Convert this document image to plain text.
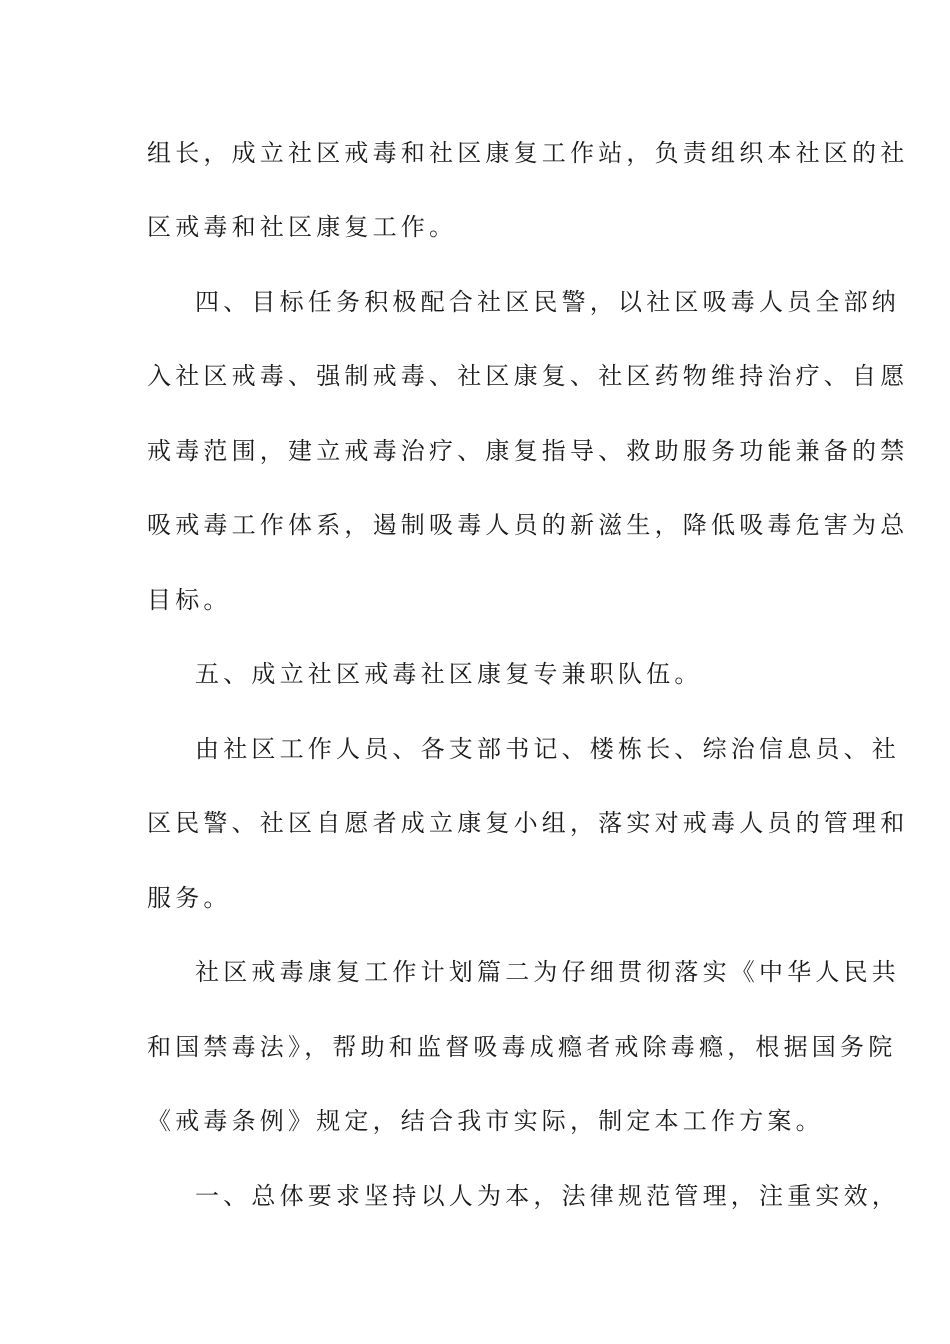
组长，成立社区戒毒和社区康复工作站，负责组织本社区的社
区戒毒和社区康复工作。
四、目标任务积极配合社区民警，以社区吸毒人员全部纳
入社区戒毒、强制戒毒、社区康复、社区药物维持治疗、自愿
戒毒范围，建立戒毒治疗、康复指导、救助服务功能兼备的禁
吸戒毒工作体系，遏制吸毒人员的新滋生，降低吸毒危害为总
目标。
五、成立社区戒毒社区康复专兼职队伍。
由社区工作人员、各支部书记、楼栋长、综治信息员、社
区民警、社区自愿者成立康复小组，落实对戒毒人员的管理和
服务。
社区戒毒康复工作计划篇二为仔细贯彻落实《中华人民共
和国禁毒法》，帮助和监督吸毒成瘾者戒除毒瘾，根据国务院
《戒毒条例》规定，结合我市实际，制定本工作方案。
一、总体要求坚持以人为本，法律规范管理，注重实效，
